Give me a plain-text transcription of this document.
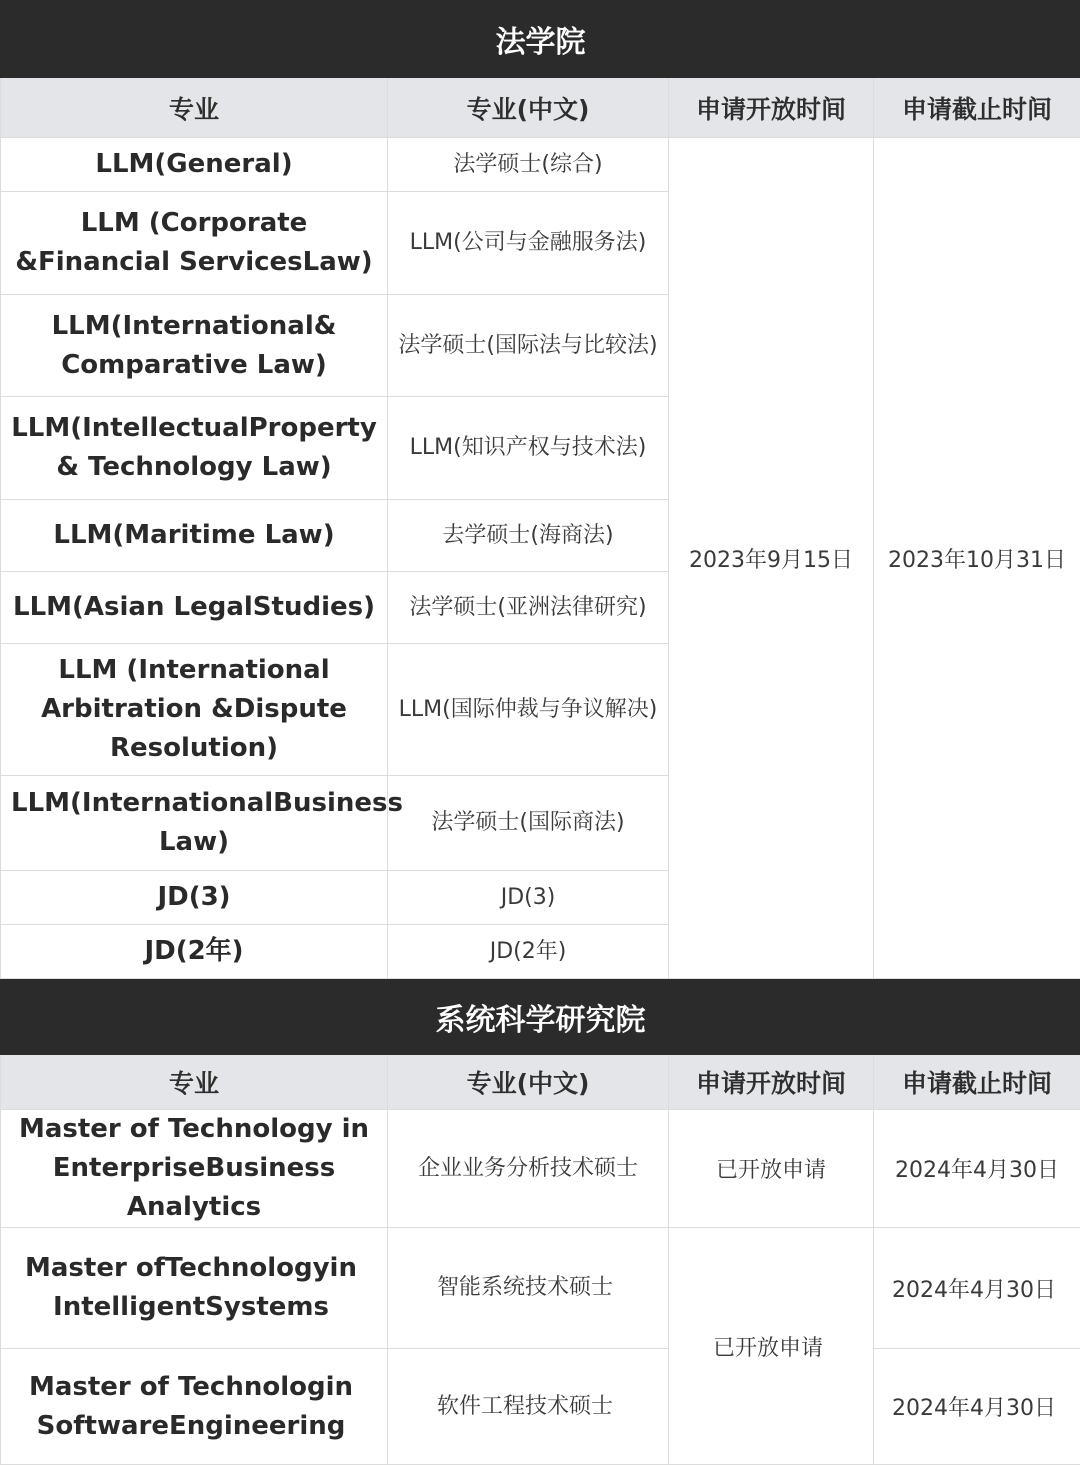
法学院			
专业	专业(中文)	申请开放时间	申请截止时间
LLM(General)	法学硕士(综合)	2023年9月15日	2023年10月31日
LLM (Corporate &Financial ServicesLaw)	LLM(公司与金融服务法)		
LLM(International& Comparative Law)	法学硕士(国际法与比较法)		
LLM(IntellectualProperty & Technology Law)	LLM(知识产权与技术法)		
LLM(Maritime Law)	去学硕士(海商法)		
LLM(Asian LegalStudies)	法学硕士(亚洲法律研究)		
LLM (International Arbitration &Dispute Resolution)	LLM(国际仲裁与争议解决)		
LLM(InternationalBusiness Law)	法学硕士(国际商法)		
JD(3)	JD(3)		
JD(2年)	JD(2年)		
系统科学研究院			
专业	专业(中文)	申请开放时间	申请截止时间
Master of Technology in EnterpriseBusiness Analytics	企业业务分析技术硕士	已开放申请	2024年4月30日
Master ofTechnologyin IntelligentSystems	智能系统技术硕士	已开放申请	2024年4月30日
Master of Technologin SoftwareEngineering	软件工程技术硕士		2024年4月30日
